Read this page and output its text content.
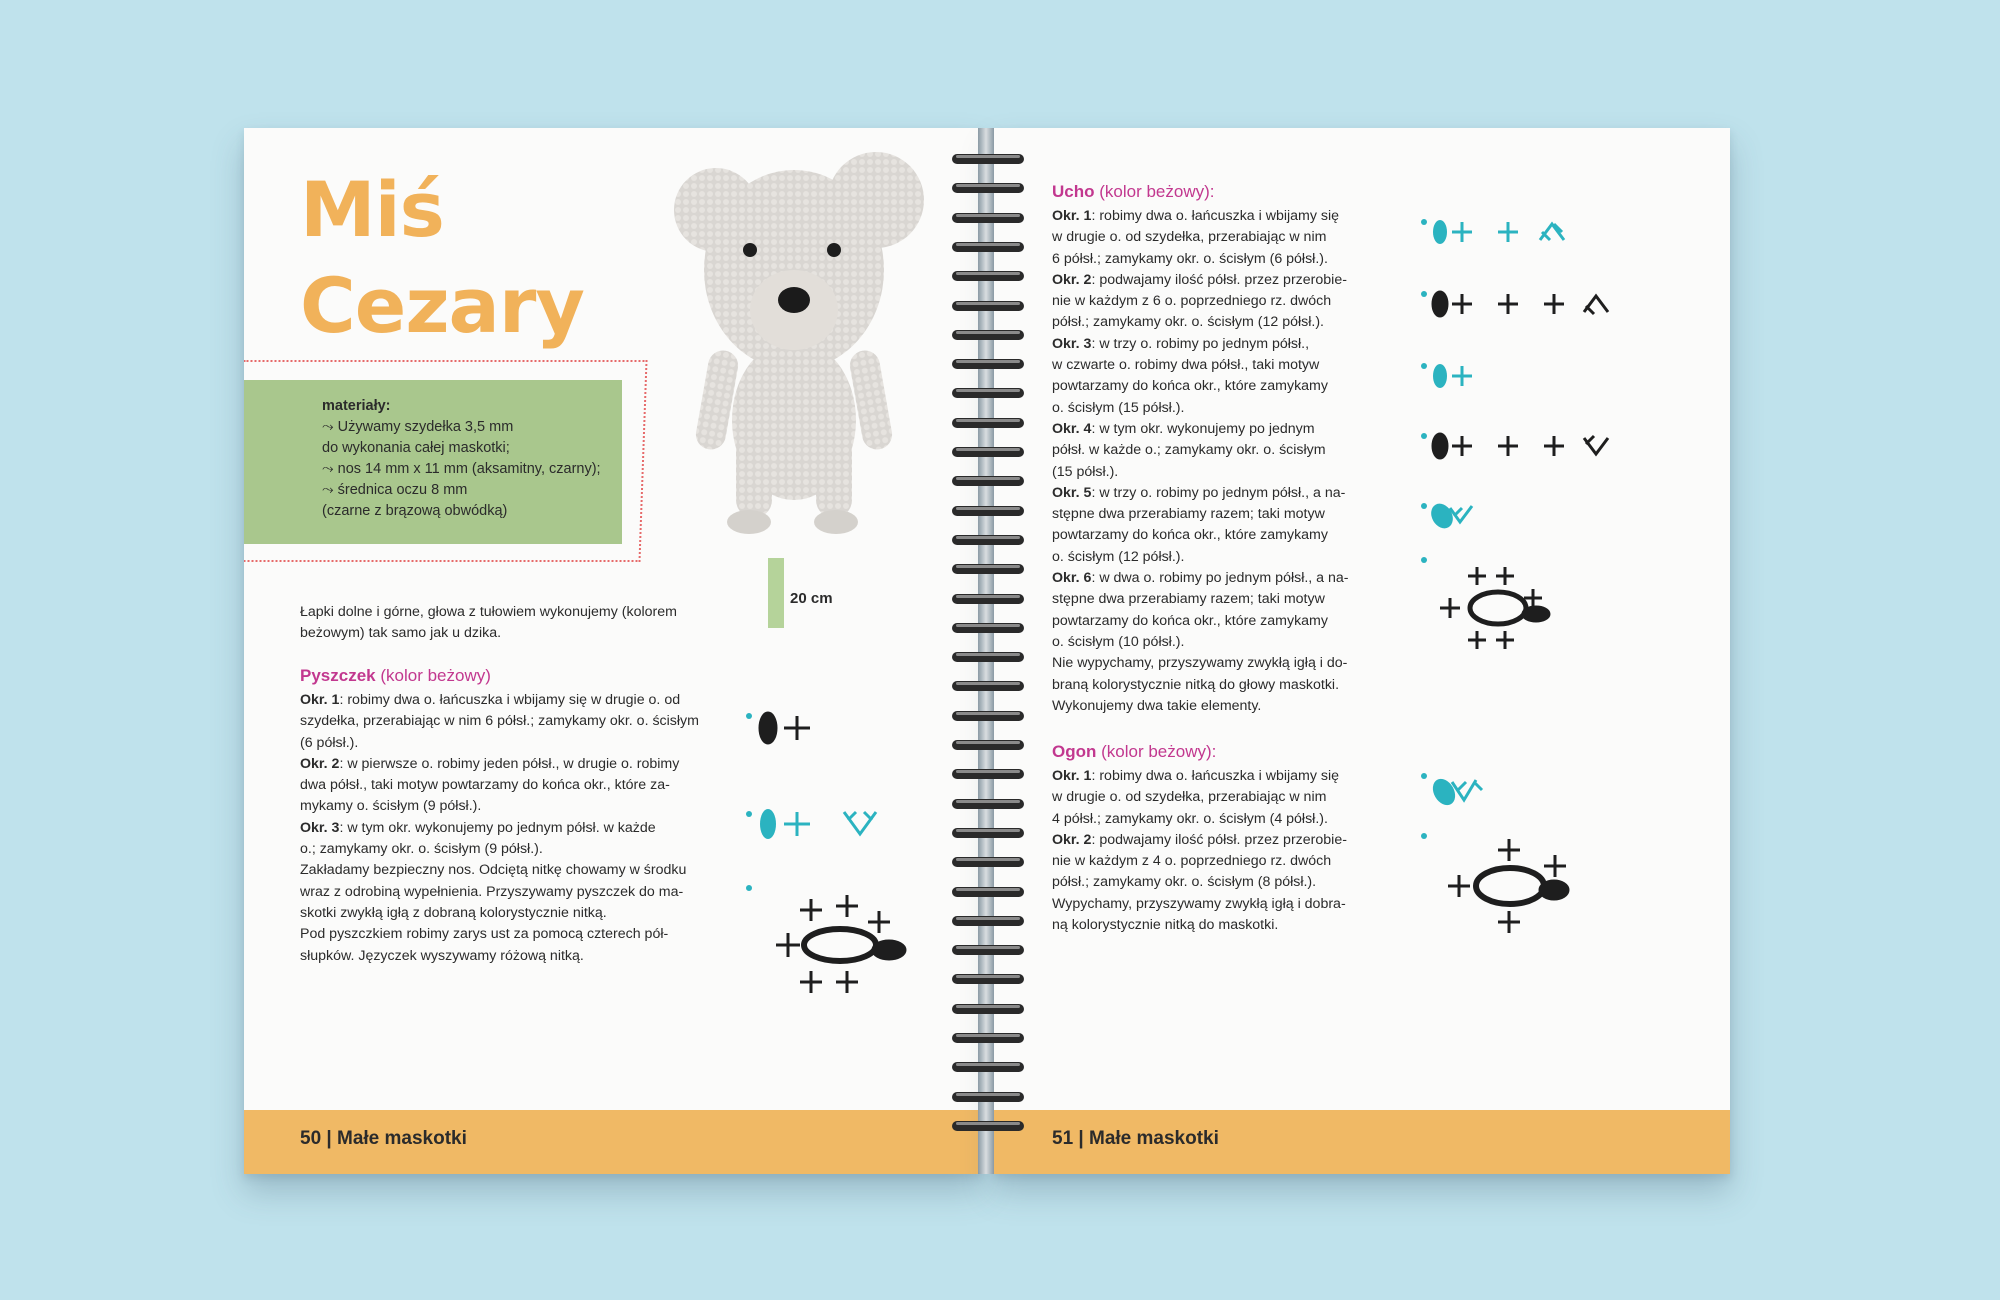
Miś
Cezary
materiały:
⤳ Używamy szydełka 3,5 mm
do wykonania całej maskotki;
⤳ nos 14 mm x 11 mm (aksamitny, czarny);
⤳ średnica oczu 8 mm
(czarne z brązową obwódką)
20 cm

Łapki dolne i górne, głowa z tułowiem wykonujemy (kolorem

beżowym) tak samo jak u dzika.

Pyszczek (kolor beżowy)

Okr. 1: robimy dwa o. łańcuszka i wbijamy się w drugie o. od

szydełka, przerabiając w nim 6 półsł.; zamykamy okr. o. ścisłym

(6 półsł.).

Okr. 2: w pierwsze o. robimy jeden półsł., w drugie o. robimy

dwa półsł., taki motyw powtarzamy do końca okr., które za-

mykamy o. ścisłym (9 półsł.).

Okr. 3: w tym okr. wykonujemy po jednym półsł. w każde

o.; zamykamy okr. o. ścisłym (9 półsł.).

Zakładamy bezpieczny nos. Odciętą nitkę chowamy w środku

wraz z odrobiną wypełnienia. Przyszywamy pyszczek do ma-

skotki zwykłą igłą z dobraną kolorystycznie nitką.

Pod pyszczkiem robimy zarys ust za pomocą czterech pół-

słupków. Języczek wyszywamy różową nitką.

50 | Małe maskotki
Ucho (kolor beżowy):

Okr. 1: robimy dwa o. łańcuszka i wbijamy się

w drugie o. od szydełka, przerabiając w nim

6 półsł.; zamykamy okr. o. ścisłym (6 półsł.).

Okr. 2: podwajamy ilość półsł. przez przerobie-

nie w każdym z 6 o. poprzedniego rz. dwóch

półsł.; zamykamy okr. o. ścisłym (12 półsł.).

Okr. 3: w trzy o. robimy po jednym półsł.,

w czwarte o. robimy dwa półsł., taki motyw

powtarzamy do końca okr., które zamykamy

o. ścisłym (15 półsł.).

Okr. 4: w tym okr. wykonujemy po jednym

półsł. w każde o.; zamykamy okr. o. ścisłym

(15 półsł.).

Okr. 5: w trzy o. robimy po jednym półsł., a na-

stępne dwa przerabiamy razem; taki motyw

powtarzamy do końca okr., które zamykamy

o. ścisłym (12 półsł.).

Okr. 6: w dwa o. robimy po jednym półsł., a na-

stępne dwa przerabiamy razem; taki motyw

powtarzamy do końca okr., które zamykamy

o. ścisłym (10 półsł.).

Nie wypychamy, przyszywamy zwykłą igłą i do-

braną kolorystycznie nitką do głowy maskotki.

Wykonujemy dwa takie elementy.

Ogon (kolor beżowy):

Okr. 1: robimy dwa o. łańcuszka i wbijamy się

w drugie o. od szydełka, przerabiając w nim

4 półsł.; zamykamy okr. o. ścisłym (4 półsł.).

Okr. 2: podwajamy ilość półsł. przez przerobie-

nie w każdym z 4 o. poprzedniego rz. dwóch

półsł.; zamykamy okr. o. ścisłym (8 półsł.).

Wypychamy, przyszywamy zwykłą igłą i dobra-

ną kolorystycznie nitką do maskotki.

51 | Małe maskotki
